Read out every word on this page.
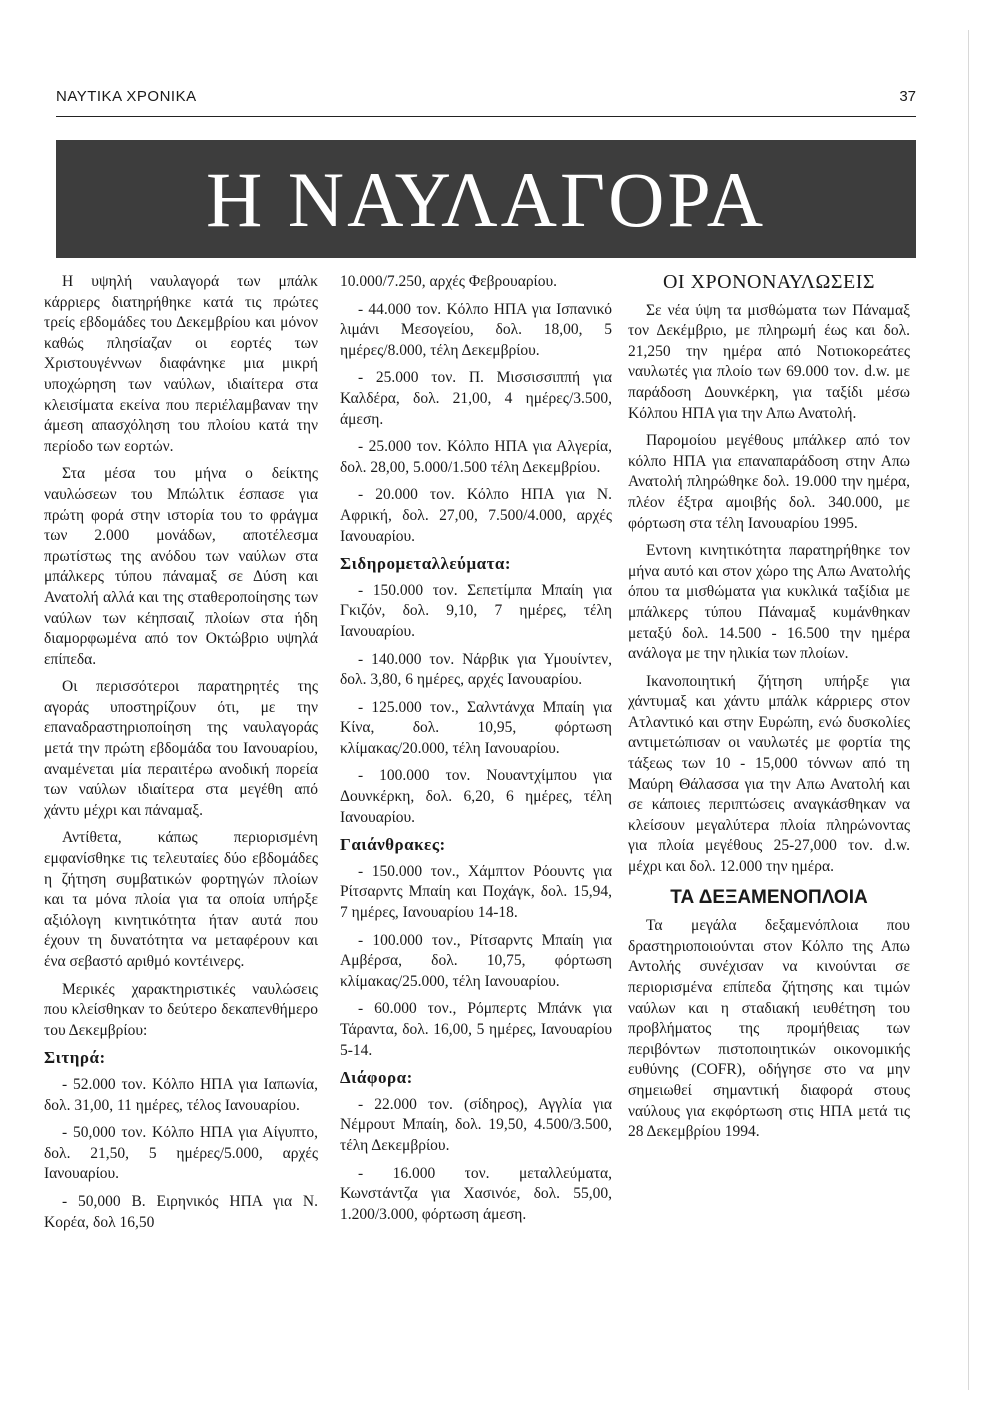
ΝΑΥΤΙΚΑ ΧΡΟΝΙΚΑ	37
Η ΝΑΥΛΑΓΟΡΑ

Η υψηλή ναυλαγορά των μπάλκ κάρριερς διατηρήθηκε κατά τις πρώτες τρείς εβδομάδες του Δεκεμβρίου και μόνον καθώς πλησίαζαν οι εορτές των Χριστουγέννων διαφάνηκε μια μικρή υποχώρηση των ναύλων, ιδιαίτερα στα κλεισίματα εκείνα που περιέλαμβαναν την άμεση απασχόληση του πλοίου κατά την περίοδο των εορτών.

Στα μέσα του μήνα ο δείκτης ναυλώσεων του Μπώλτικ έσπασε για πρώτη φορά στην ιστορία του το φράγμα των 2.000 μονάδων, αποτέλεσμα πρωτίστως της ανόδου των ναύλων στα μπάλκερς τύπου πάναμαξ σε Δύση και Ανατολή αλλά και της σταθεροποίησης των ναύλων των κέηπσαιζ πλοίων στα ήδη διαμορφωμένα από τον Οκτώβριο υψηλά επίπεδα.

Οι περισσότεροι παρατηρητές της αγοράς υποστηρίζουν ότι, με την επαναδραστηριοποίηση της ναυλαγοράς μετά την πρώτη εβδομάδα του Ιανουαρίου, αναμένεται μία περαιτέρω ανοδική πορεία των ναύλων ιδιαίτερα στα μεγέθη από χάντυ μέχρι και πάναμαξ.

Αντίθετα, κάπως περιορισμένη εμφανίσθηκε τις τελευταίες δύο εβδομάδες η ζήτηση συμβατικών φορτηγών πλοίων και τα μόνα πλοία για τα οποία υπήρξε αξιόλογη κινητικότητα ήταν αυτά που έχουν τη δυνατότητα να μεταφέρουν και ένα σεβαστό αριθμό κοντέινερς.

Μερικές χαρακτηριστικές ναυλώσεις που κλείσθηκαν το δεύτερο δεκαπενθήμερο του Δεκεμβρίου:

Σιτηρά:

- 52.000 τον. Κόλπο ΗΠΑ για Ιαπωνία, δολ. 31,00, 11 ημέρες, τέλος Ιανουαρίου.

- 50,000 τον. Κόλπο ΗΠΑ για Αίγυπτο, δολ. 21,50, 5 ημέρες/5.000, αρχές Ιανουαρίου.

- 50,000 Β. Ειρηνικός ΗΠΑ για Ν. Κορέα, δολ 16,50

10.000/7.250, αρχές Φεβρουαρίου.

- 44.000 τον. Κόλπο ΗΠΑ για Ισπανικό λιμάνι Μεσογείου, δολ. 18,00, 5 ημέρες/8.000, τέλη Δεκεμβρίου.

- 25.000 τον. Π. Μισσισσιππή για Καλδέρα, δολ. 21,00, 4 ημέρες/3.500, άμεση.

- 25.000 τον. Κόλπο ΗΠΑ για Αλγερία, δολ. 28,00, 5.000/1.500 τέλη Δεκεμβρίου.

- 20.000 τον. Κόλπο ΗΠΑ για Ν. Αφρική, δολ. 27,00, 7.500/4.000, αρχές Ιανουαρίου.

Σιδηρομεταλλεύματα:

- 150.000 τον. Σεπετίμπα Μπαίη για Γκιζόν, δολ. 9,10, 7 ημέρες, τέλη Ιανουαρίου.

- 140.000 τον. Νάρβικ για Υμουίντεν, δολ. 3,80, 6 ημέρες, αρχές Ιανουαρίου.

- 125.000 τον., Σαλντάνχα Μπαίη για Κίνα, δολ. 10,95, φόρτωση κλίμακας/20.000, τέλη Ιανουαρίου.

- 100.000 τον. Νουαντχίμπου για Δουνκέρκη, δολ. 6,20, 6 ημέρες, τέλη Ιανουαρίου.

Γαιάνθρακες:

- 150.000 τον., Χάμπτον Ρόουντς για Ρίτσαρντς Μπαίη και Ποχάγκ, δολ. 15,94, 7 ημέρες, Ιανουαρίου 14-18.

- 100.000 τον., Ρίτσαρντς Μπαίη για Αμβέρσα, δολ. 10,75, φόρτωση κλίμακας/25.000, τέλη Ιανουαρίου.

- 60.000 τον., Ρόμπερτς Μπάνκ για Τάραντα, δολ. 16,00, 5 ημέρες, Ιανουαρίου 5-14.

Διάφορα:

- 22.000 τον. (σίδηρος), Αγγλία για Νέμρουτ Μπαίη, δολ. 19,50, 4.500/3.500, τέλη Δεκεμβρίου.

- 16.000 τον. μεταλλεύματα, Κωνστάντζα για Χασινόε, δολ. 55,00, 1.200/3.000, φόρτωση άμεση.

ΟΙ ΧΡΟΝΟΝΑΥΛΩΣΕΙΣ

Σε νέα ύψη τα μισθώματα των Πάναμαξ τον Δεκέμβριο, με πληρωμή έως και δολ. 21,250 την ημέρα από Νοτιοκορεάτες ναυλωτές για πλοίο των 69.000 τον. d.w. με παράδοση Δουνκέρκη, για ταξίδι μέσω Κόλπου ΗΠΑ για την Απω Ανατολή.

Παρομοίου μεγέθους μπάλκερ από τον κόλπο ΗΠΑ για επαναπαράδοση στην Απω Ανατολή πληρώθηκε δολ. 19.000 την ημέρα, πλέον έξτρα αμοιβής δολ. 340.000, με φόρτωση στα τέλη Ιανουαρίου 1995.

Εντονη κινητικότητα παρατηρήθηκε τον μήνα αυτό και στον χώρο της Απω Ανατολής όπου τα μισθώματα για κυκλικά ταξίδια με μπάλκερς τύπου Πάναμαξ κυμάνθηκαν μεταξύ δολ. 14.500 - 16.500 την ημέρα ανάλογα με την ηλικία των πλοίων.

Ικανοποιητική ζήτηση υπήρξε για χάντυμαξ και χάντυ μπάλκ κάρριερς στον Ατλαντικό και στην Ευρώπη, ενώ δυσκολίες αντιμετώπισαν οι ναυλωτές με φορτία της τάξεως των 10 - 15,000 τόννων από τη Μαύρη Θάλασσα για την Απω Ανατολή και σε κάποιες περιπτώσεις αναγκάσθηκαν να κλείσουν μεγαλύτερα πλοία πληρώνοντας για πλοία μεγέθους 25-27,000 τον. d.w. μέχρι και δολ. 12.000 την ημέρα.

ΤΑ ΔΕΞΑΜΕΝΟΠΛΟΙΑ

Τα μεγάλα δεξαμενόπλοια που δραστηριοποιούνται στον Κόλπο της Απω Αντολής συνέχισαν να κινούνται σε περιορισμένα επίπεδα ζήτησης και τιμών ναύλων και η σταδιακή ιευθέτηση του προβλήματος της προμήθειας των περιβόντων πιστοποιητικών οικονομικής ευθύνης (COFR), οδήγησε στο να μην σημειωθεί σημαντική διαφορά στους ναύλους για εκφόρτωση στις ΗΠΑ μετά τις 28 Δεκεμβρίου 1994.
